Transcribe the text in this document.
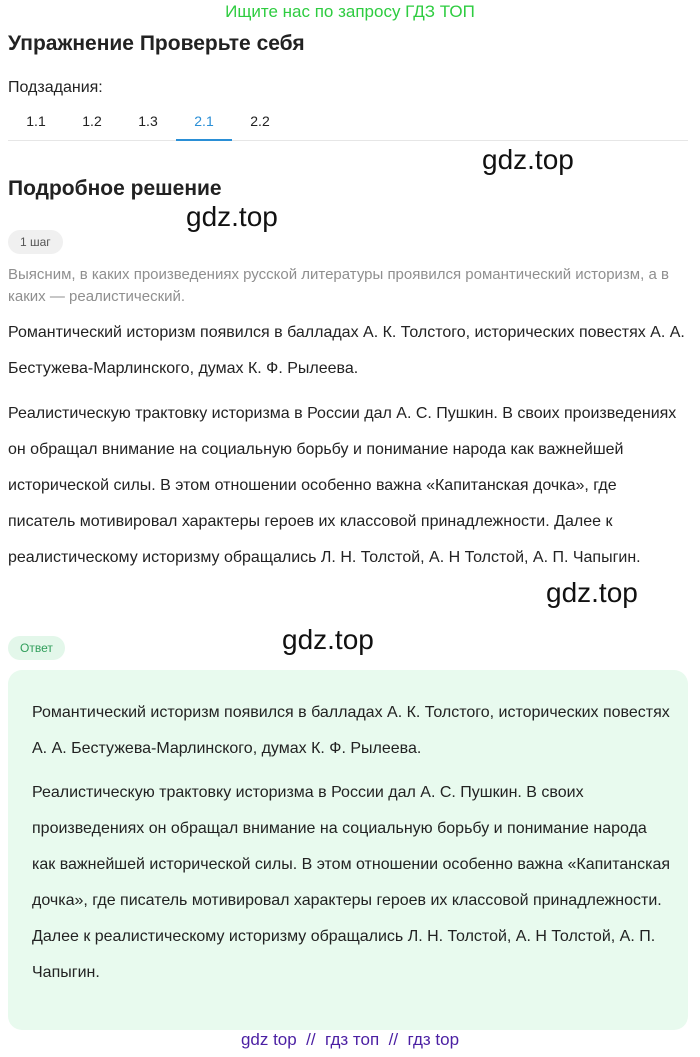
Ищите нас по запросу ГДЗ ТОП
Упражнение Проверьте себя
Подзадания:
1.1	1.2	1.3	2.1	2.2
Подробное решение
gdz.top
gdz.top
1 шаг
Выясним, в каких произведениях русской литературы проявился романтический историзм, а в каких — реалистический.
Романтический историзм появился в балладах А. К. Толстого, исторических повестях А. А. Бестужева-Марлинского, думах К. Ф. Рылеева.
Реалистическую трактовку историзма в России дал А. С. Пушкин. В своих произведениях он обращал внимание на социальную борьбу и понимание народа как важнейшей исторической силы. В этом отношении особенно важна «Капитанская дочка», где писатель мотивировал характеры героев их классовой принадлежности. Далее к реалистическому историзму обращались Л. Н. Толстой, А. Н Толстой, А. П. Чапыгин.
gdz.top
gdz.top
Ответ
Романтический историзм появился в балладах А. К. Толстого, исторических повестях А. А. Бестужева-Марлинского, думах К. Ф. Рылеева.
Реалистическую трактовку историзма в России дал А. С. Пушкин. В своих произведениях он обращал внимание на социальную борьбу и понимание народа как важнейшей исторической силы. В этом отношении особенно важна «Капитанская дочка», где писатель мотивировал характеры героев их классовой принадлежности. Далее к реалистическому историзму обращались Л. Н. Толстой, А. Н Толстой, А. П. Чапыгин.
gdz top  //  гдз топ  //  гдз top
